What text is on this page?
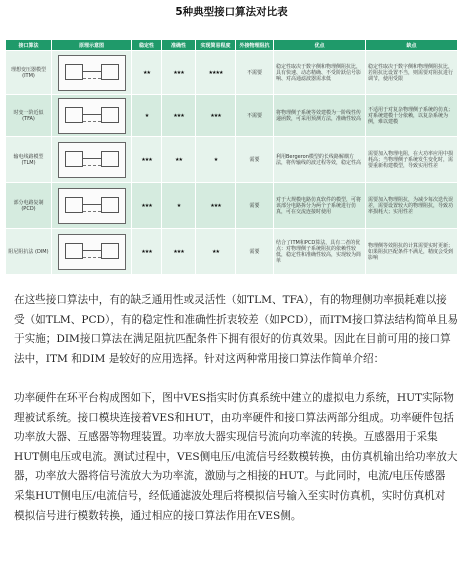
5种典型接口算法对比表
接口算法	原理示意图	稳定性	准确性	实现简易程度	外接物理阻抗	优点	缺点
理想变压器模型 (ITM)		★★	★★★	★★★★	不需要	稳定性取决于数字侧和物理侧阻抗比，具有快速、动态精确、不受阶跃信号影响、对高通滤波器需求低	稳定性取决于数字侧和物理侧阻抗比，若阻抗比设置不当，则需要对阻抗进行调节，使用受限
时变一阶近似 (TFA)		★	★★★	★★★	不需要	将物理侧子系统等效建模为一阶线性传递函数，可采用预测方法，准确性较高	不适用于对复杂物理侧子系统的仿真；对系统建模十分依赖，以复杂系统为例，难以建模
输电线路模型 (TLM)		★★★	★★	★	需要	利用Bergeron模型的长线路解耦方法，将传输线的波过程等效，稳定性高	需要加入物理电阻，在大功率应用中损耗高；当物理侧子系统发生变化时，需要重新构建模型，导致实用性差
部分电路复制 (PCD)		★★★	★	★★★	需要	对于大规模电路仿真软件的模型，可将该部分电路拆分为两个子系统进行仿真，可在交流连接时使用	需要加入物理阻抗，为减少每次迭代误差，需要设置较大的物理阻抗，导致功率损耗大；实用性差
阻尼阻抗法 (DIM)		★★★	★★★	★★	需要	结合了ITM和PCD算法，具有二者的优点：对物理侧子系统阻抗的依赖性较低，稳定性和准确性较高，实现较为简单	物理侧等效阻抗的计算需要实时更新；如果阻抗匹配条件不满足，精度会受到影响
在这些接口算法中，有的缺乏通用性或灵活性（如TLM、TFA），有的物理侧功率损耗难以接
受（如TLM、PCD），有的稳定性和准确性折衷较差（如PCD），而ITM接口算法结构简单且易
于实施；DIM接口算法在满足阻抗匹配条件下拥有很好的仿真效果。因此在目前可用的接口算
法中，ITM 和DIM 是较好的应用选择。针对这两种常用接口算法作简单介绍：
功率硬件在环平台构成图如下，图中VES指实时仿真系统中建立的虚拟电力系统，HUT实际物
理被试系统。接口模块连接着VES和HUT，由功率硬件和接口算法两部分组成。功率硬件包括
功率放大器、互感器等物理装置。功率放大器实现信号流向功率流的转换。互感器用于采集
HUT侧电压或电流。测试过程中，VES侧电压/电流信号经数模转换，由仿真机输出给功率放大
器，功率放大器将信号流放大为功率流，激励与之相接的HUT。与此同时，电流/电压传感器
采集HUT侧电压/电流信号，经低通滤波处理后将模拟信号输入至实时仿真机，实时仿真机对
模拟信号进行模数转换，通过相应的接口算法作用在VES侧。
